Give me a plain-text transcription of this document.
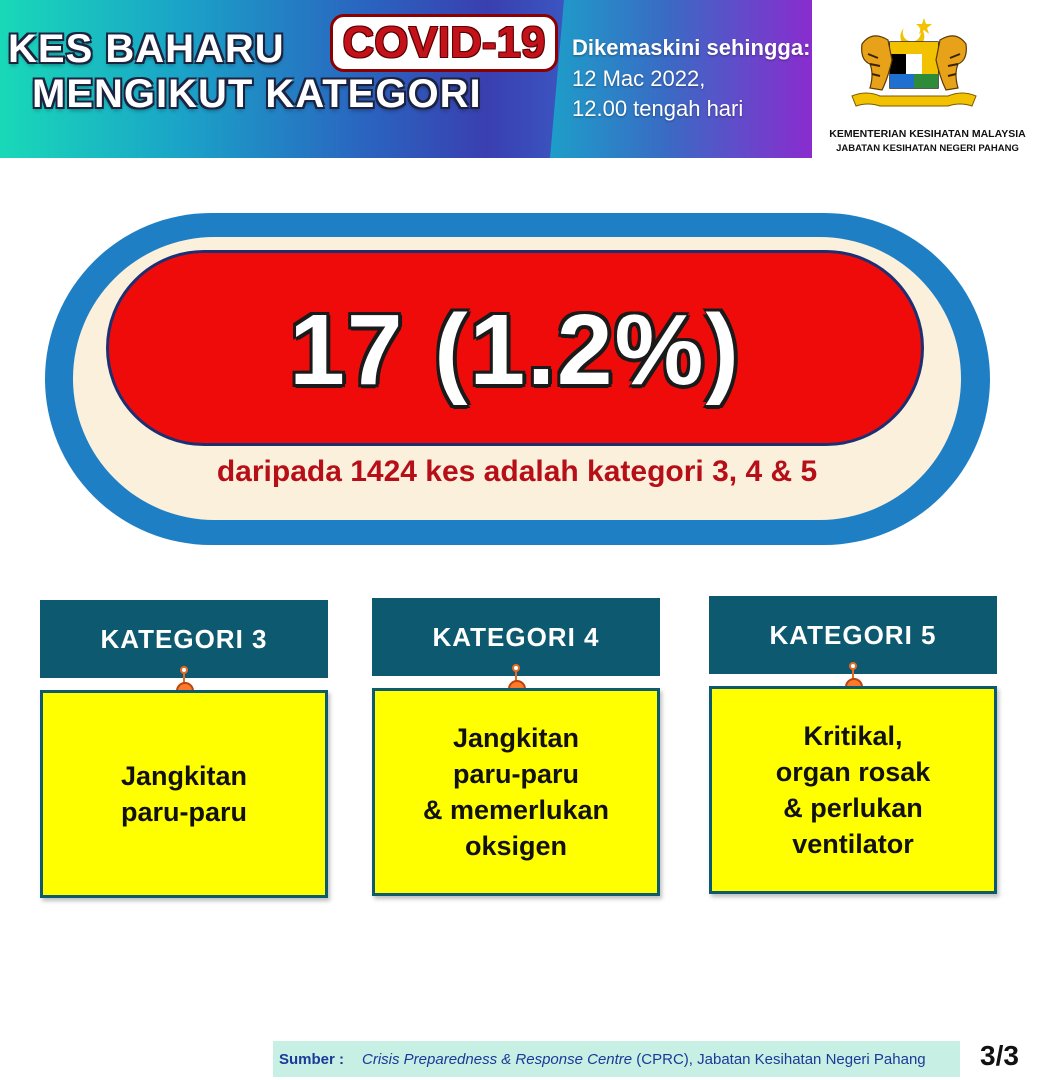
KES BAHARU COVID-19
MENGIKUT KATEGORI
Dikemaskini sehingga:
12 Mac 2022,
12.00 tengah hari
KEMENTERIAN KESIHATAN MALAYSIA
JABATAN KESIHATAN NEGERI PAHANG
17 (1.2%)
daripada 1424 kes adalah kategori 3, 4 & 5
KATEGORI 3
Jangkitan
paru-paru
KATEGORI 4
Jangkitan
paru-paru
& memerlukan
oksigen
KATEGORI 5
Kritikal,
organ rosak
& perlukan
ventilator
Sumber : Crisis Preparedness & Response Centre (CPRC), Jabatan Kesihatan Negeri Pahang 3/3
